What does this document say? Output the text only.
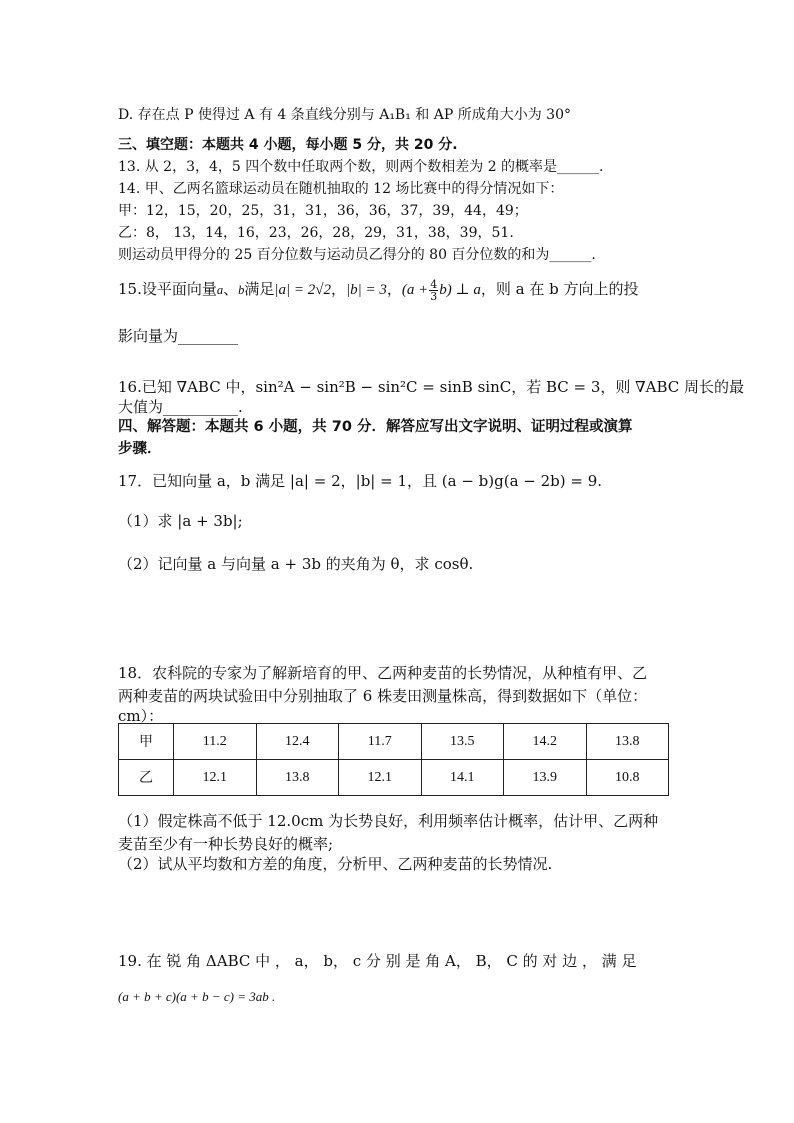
D. 存在点 P 使得过 A 有 4 条直线分别与 A₁B₁ 和 AP 所成角大小为 30°
三、填空题：本题共 4 小题，每小题 5 分，共 20 分.
13. 从 2，3，4，5 四个数中任取两个数，则两个数相差为 2 的概率是______.
14. 甲、乙两名篮球运动员在随机抽取的 12 场比赛中的得分情况如下：
甲：12，15，20，25，31，31，36，36，37，39，44，49；
乙：8， 13，14，16，23，26，28，29，31，38，39，51.
则运动员甲得分的 25 百分位数与运动员乙得分的 80 百分位数的和为______.
15.设平面向量a、b满足|a| = 2√2，|b| = 3，$(a + \frac{4}{3} b)$ ⊥ a，则 a 在 b 方向上的投
影向量为________
16.已知 ∇ABC 中，sin²A − sin²B − sin²C = sinB sinC，若 BC = 3，则 ∇ABC 周长的最
大值为__________.
四、解答题：本题共 6 小题，共 70 分．解答应写出文字说明、证明过程或演算
步骤．
17．已知向量 a，b 满足 |a| = 2，|b| = 1，且 (a − b)g(a − 2b) = 9.
（1）求 |a + 3b|;
（2）记向量 a 与向量 a + 3b 的夹角为 θ，求 cosθ.
18．农科院的专家为了解新培育的甲、乙两种麦苗的长势情况，从种植有甲、乙
两种麦苗的两块试验田中分别抽取了 6 株麦田测量株高，得到数据如下（单位：
cm）：
甲	11.2	12.4	11.7	13.5	14.2	13.8
乙	12.1	13.8	12.1	14.1	13.9	10.8
（1）假定株高不低于 12.0cm 为长势良好，利用频率估计概率，估计甲、乙两种
麦苗至少有一种长势良好的概率;
（2）试从平均数和方差的角度，分析甲、乙两种麦苗的长势情况.
19. 在 锐 角 ΔABC 中 ， a， b， c 分 别 是 角 A， B， C 的 对 边 ， 满 足
(a + b + c)(a + b − c) = 3ab .
